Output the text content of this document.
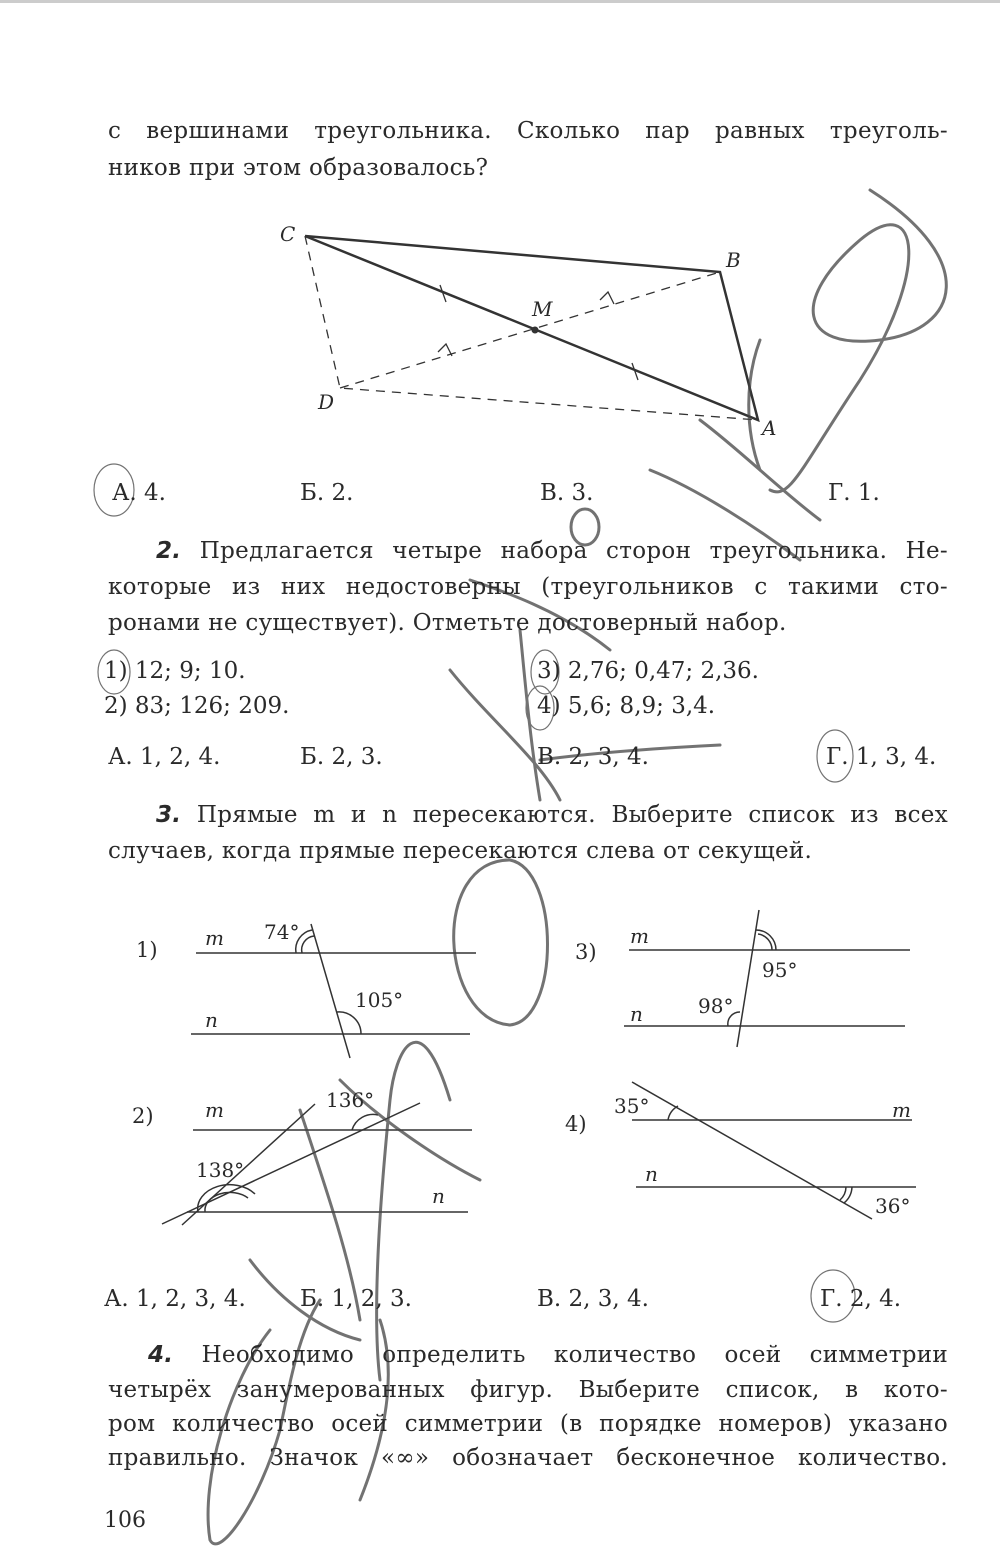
с вершинами треугольника. Сколько пар равных треуголь-
ников при этом образовалось?
C
B
M
D
A
А. 4.	Б. 2.	В. 3.	Г. 1.
2. Предлагается четыре набора сторон треугольника. Не-
которые из них недостоверны (треугольников с такими сто-
ронами не существует). Отметьте достоверный набор.
1) 12; 9; 10.
2) 83; 126; 209.
3) 2,76; 0,47; 2,36.
4) 5,6; 8,9; 3,4.
А. 1, 2, 4.	Б. 2, 3.	В. 2, 3, 4.	Г. 1, 3, 4.
3. Прямые m и n пересекаются. Выберите список из всех
случаев, когда прямые пересекаются слева от секущей.
1) m
n
74°
105°
2)	m
n
136°
138°
3)
m
n
95°
98°
4)
m
n
35°
36°
А. 1, 2, 3, 4. Б. 1, 2, 3.	В. 2, 3, 4.	Г. 2, 4.
4. Необходимо определить количество осей симметрии
четырёх занумерованных фигур. Выберите список, в кото-
ром количество осей симметрии (в порядке номеров) указано
правильно. Значок «∞» обозначает бесконечное количество.
106
